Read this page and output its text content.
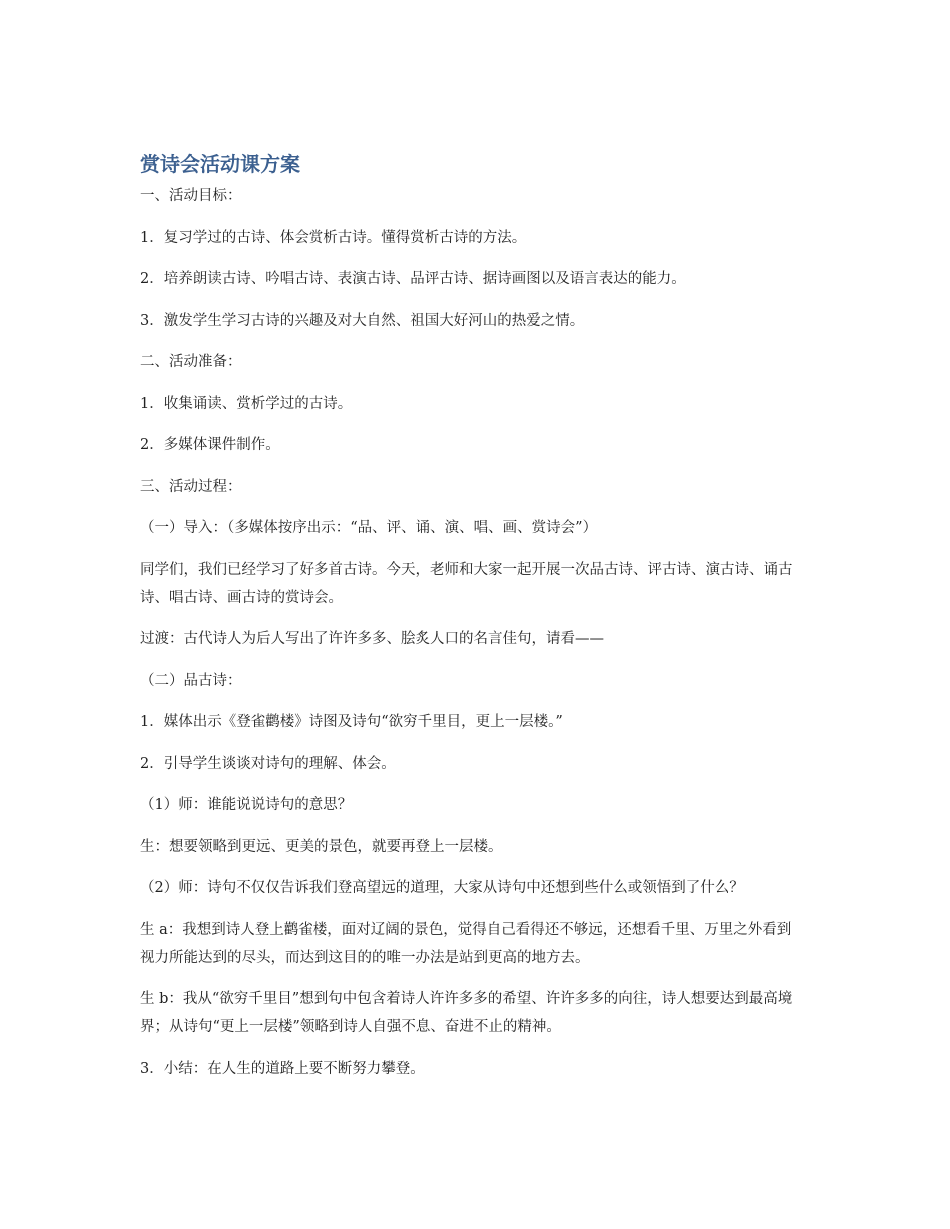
赏诗会活动课方案

一、活动目标：

1．复习学过的古诗、体会赏析古诗。懂得赏析古诗的方法。

2．培养朗读古诗、吟唱古诗、表演古诗、品评古诗、据诗画图以及语言表达的能力。

3．激发学生学习古诗的兴趣及对大自然、祖国大好河山的热爱之情。

二、活动准备：

1．收集诵读、赏析学过的古诗。

2．多媒体课件制作。

三、活动过程：

（一）导入：（多媒体按序出示：“品、评、诵、演、唱、画、赏诗会”）

同学们，我们已经学习了好多首古诗。今天，老师和大家一起开展一次品古诗、评古诗、演古诗、诵古诗、唱古诗、画古诗的赏诗会。

过渡：古代诗人为后人写出了许许多多、脍炙人口的名言佳句，请看——

（二）品古诗：

1．媒体出示《登雀鹳楼》诗图及诗句“欲穷千里目，更上一层楼。”

2．引导学生谈谈对诗句的理解、体会。

（1）师：谁能说说诗句的意思？

生：想要领略到更远、更美的景色，就要再登上一层楼。

（2）师：诗句不仅仅告诉我们登高望远的道理，大家从诗句中还想到些什么或领悟到了什么？

生 a：我想到诗人登上鹳雀楼，面对辽阔的景色，觉得自己看得还不够远，还想看千里、万里之外看到视力所能达到的尽头，而达到这目的的唯一办法是站到更高的地方去。

生 b：我从“欲穷千里目”想到句中包含着诗人许许多多的希望、许许多多的向往，诗人想要达到最高境界；从诗句“更上一层楼”领略到诗人自强不息、奋进不止的精神。

3．小结：在人生的道路上要不断努力攀登。
